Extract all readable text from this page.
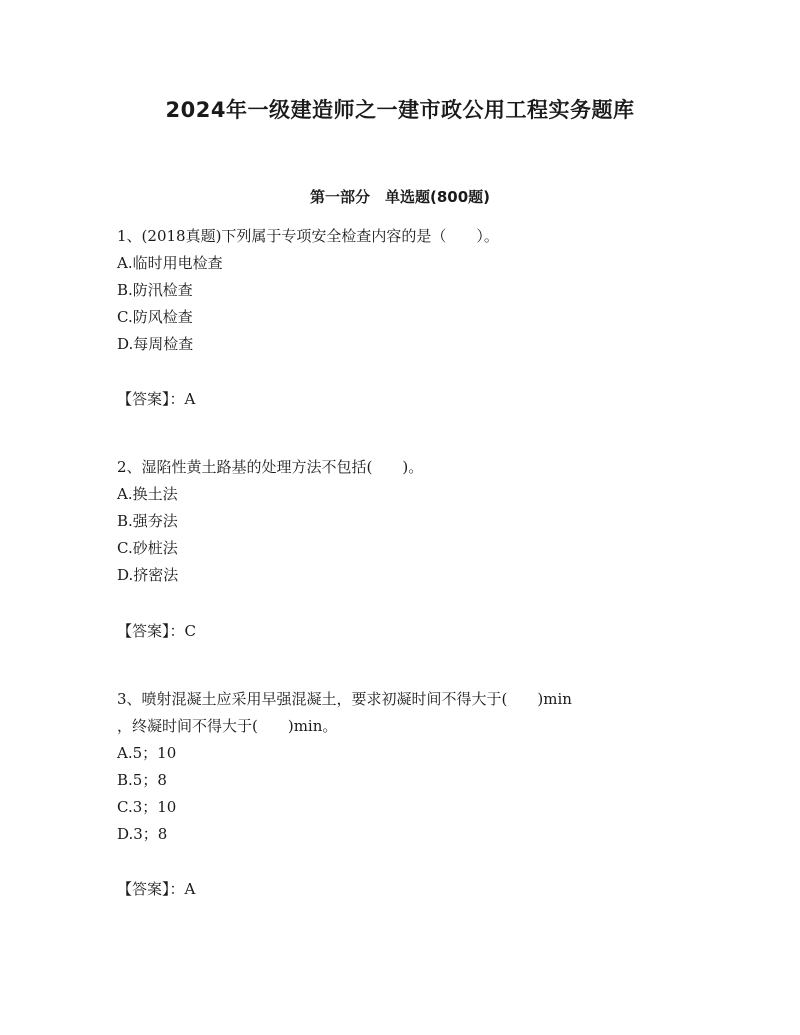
2024年一级建造师之一建市政公用工程实务题库
第一部分　单选题(800题)
1、(2018真题)下列属于专项安全检查内容的是（　　）。
A.临时用电检查
B.防汛检查
C.防风检查
D.每周检查
【答案】：A
2、湿陷性黄土路基的处理方法不包括(　　)。
A.换土法
B.强夯法
C.砂桩法
D.挤密法
【答案】：C
3、喷射混凝土应采用早强混凝土，要求初凝时间不得大于(　　)min
，终凝时间不得大于(　　)min。
A.5；10
B.5；8
C.3；10
D.3；8
【答案】：A
